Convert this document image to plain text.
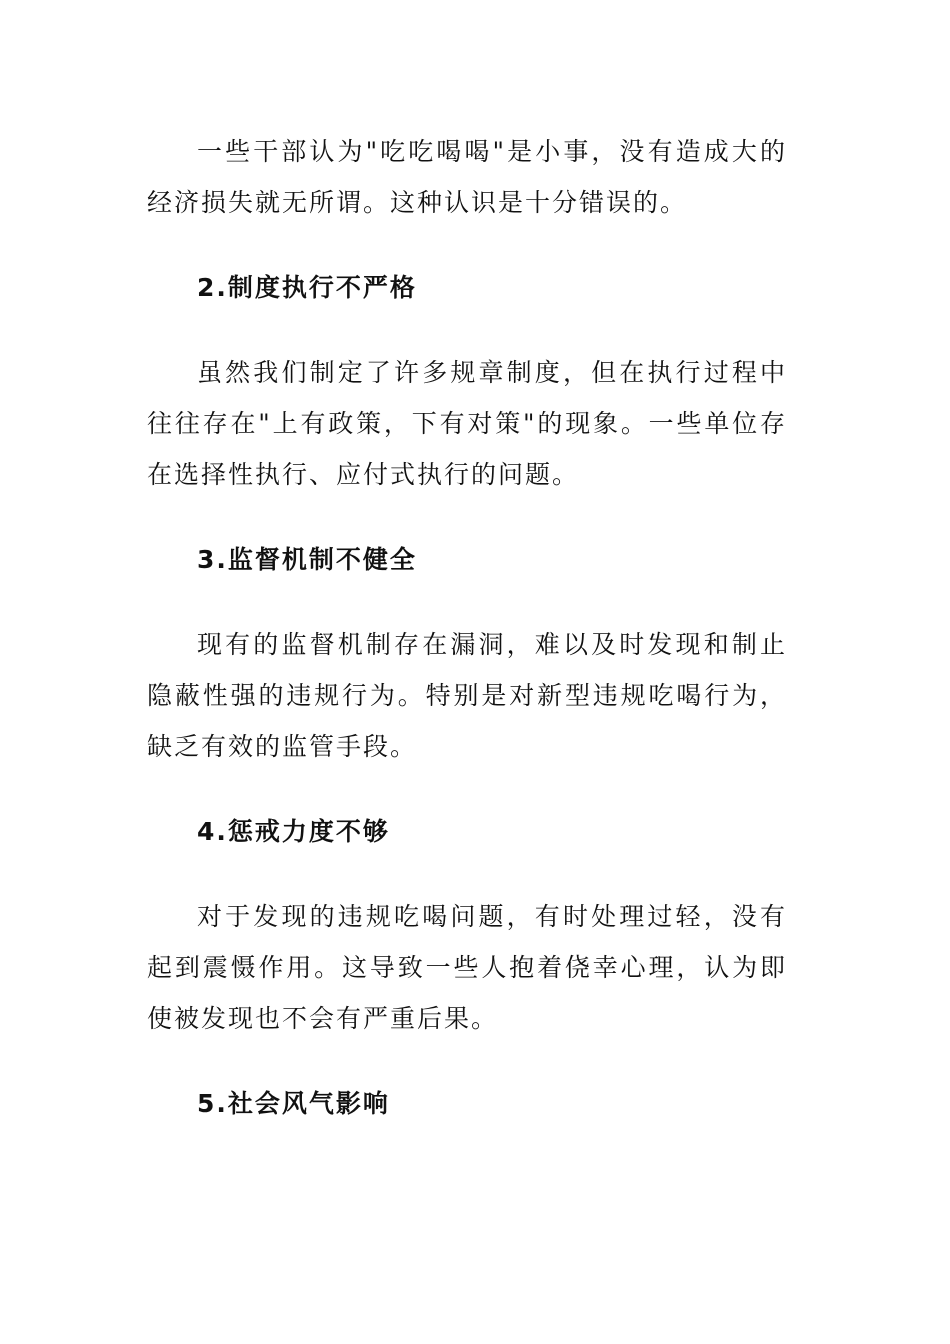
一些干部认为"吃吃喝喝"是小事，没有造成大的经济损失就无所谓。这种认识是十分错误的。

2.制度执行不严格

虽然我们制定了许多规章制度，但在执行过程中往往存在"上有政策，下有对策"的现象。一些单位存在选择性执行、应付式执行的问题。

3.监督机制不健全

现有的监督机制存在漏洞，难以及时发现和制止隐蔽性强的违规行为。特别是对新型违规吃喝行为，缺乏有效的监管手段。

4.惩戒力度不够

对于发现的违规吃喝问题，有时处理过轻，没有起到震慑作用。这导致一些人抱着侥幸心理，认为即使被发现也不会有严重后果。

5.社会风气影响
